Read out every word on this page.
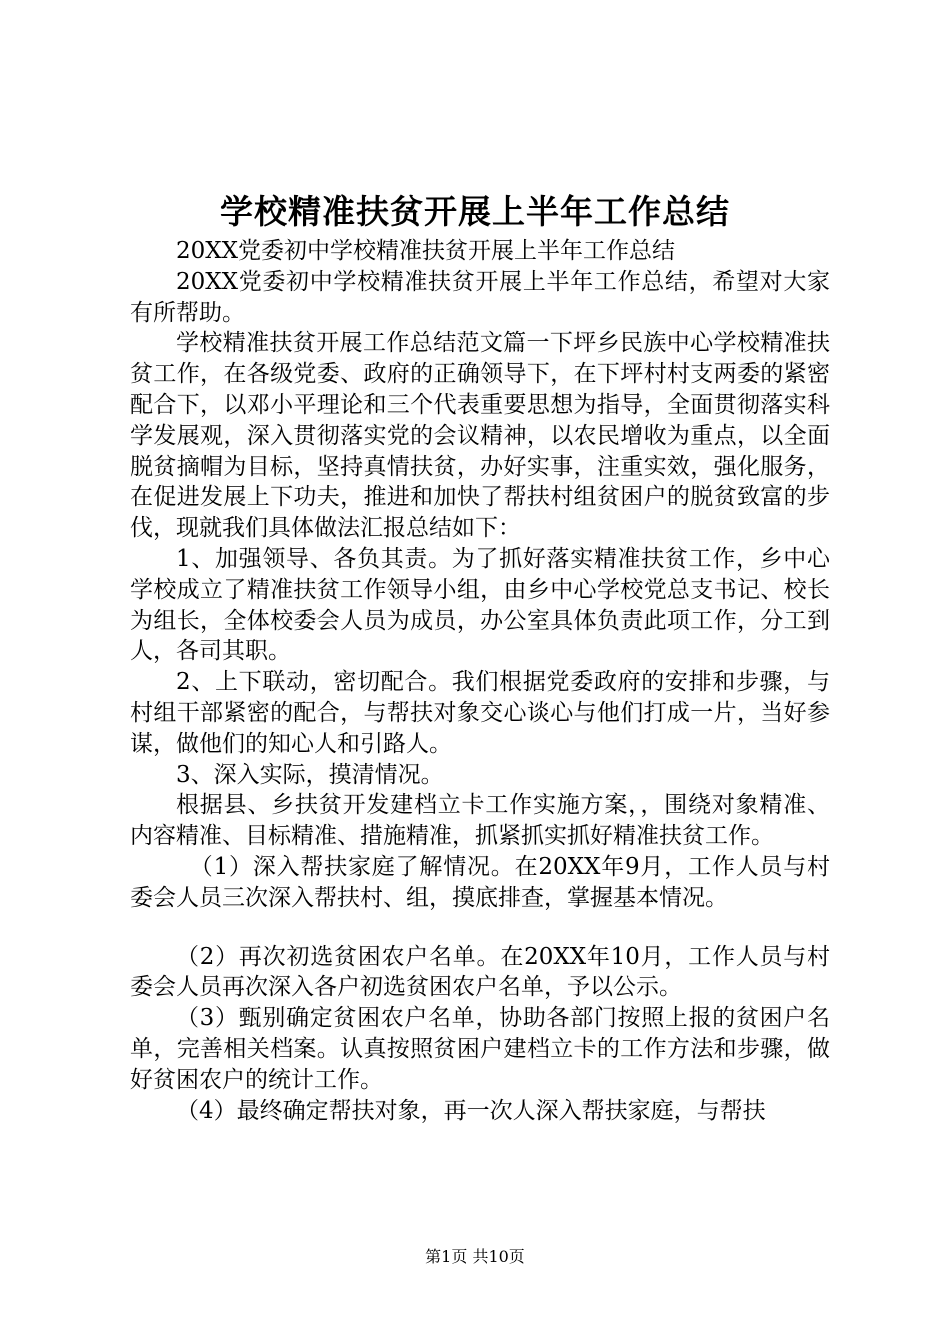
学校精准扶贫开展上半年工作总结

20XX党委初中学校精准扶贫开展上半年工作总结

20XX党委初中学校精准扶贫开展上半年工作总结，希望对大家有所帮助。

学校精准扶贫开展工作总结范文篇一下坪乡民族中心学校精准扶贫工作，在各级党委、政府的正确领导下，在下坪村村支两委的紧密配合下，以邓小平理论和三个代表重要思想为指导，全面贯彻落实科学发展观，深入贯彻落实党的会议精神，以农民增收为重点，以全面脱贫摘帽为目标，坚持真情扶贫，办好实事，注重实效，强化服务，在促进发展上下功夫，推进和加快了帮扶村组贫困户的脱贫致富的步伐，现就我们具体做法汇报总结如下：

1、加强领导、各负其责。为了抓好落实精准扶贫工作，乡中心学校成立了精准扶贫工作领导小组，由乡中心学校党总支书记、校长为组长，全体校委会人员为成员，办公室具体负责此项工作，分工到人，各司其职。

2、上下联动，密切配合。我们根据党委政府的安排和步骤，与村组干部紧密的配合，与帮扶对象交心谈心与他们打成一片，当好参谋，做他们的知心人和引路人。

3、深入实际，摸清情况。

根据县、乡扶贫开发建档立卡工作实施方案，，围绕对象精准、内容精准、目标精准、措施精准，抓紧抓实抓好精准扶贫工作。

（1）深入帮扶家庭了解情况。在20XX年9月，工作人员与村委会人员三次深入帮扶村、组，摸底排查，掌握基本情况。

（2）再次初选贫困农户名单。在20XX年10月，工作人员与村委会人员再次深入各户初选贫困农户名单，予以公示。

（3）甄别确定贫困农户名单，协助各部门按照上报的贫困户名单，完善相关档案。认真按照贫困户建档立卡的工作方法和步骤，做好贫困农户的统计工作。

（4）最终确定帮扶对象，再一次人深入帮扶家庭，与帮扶

第1页 共10页
